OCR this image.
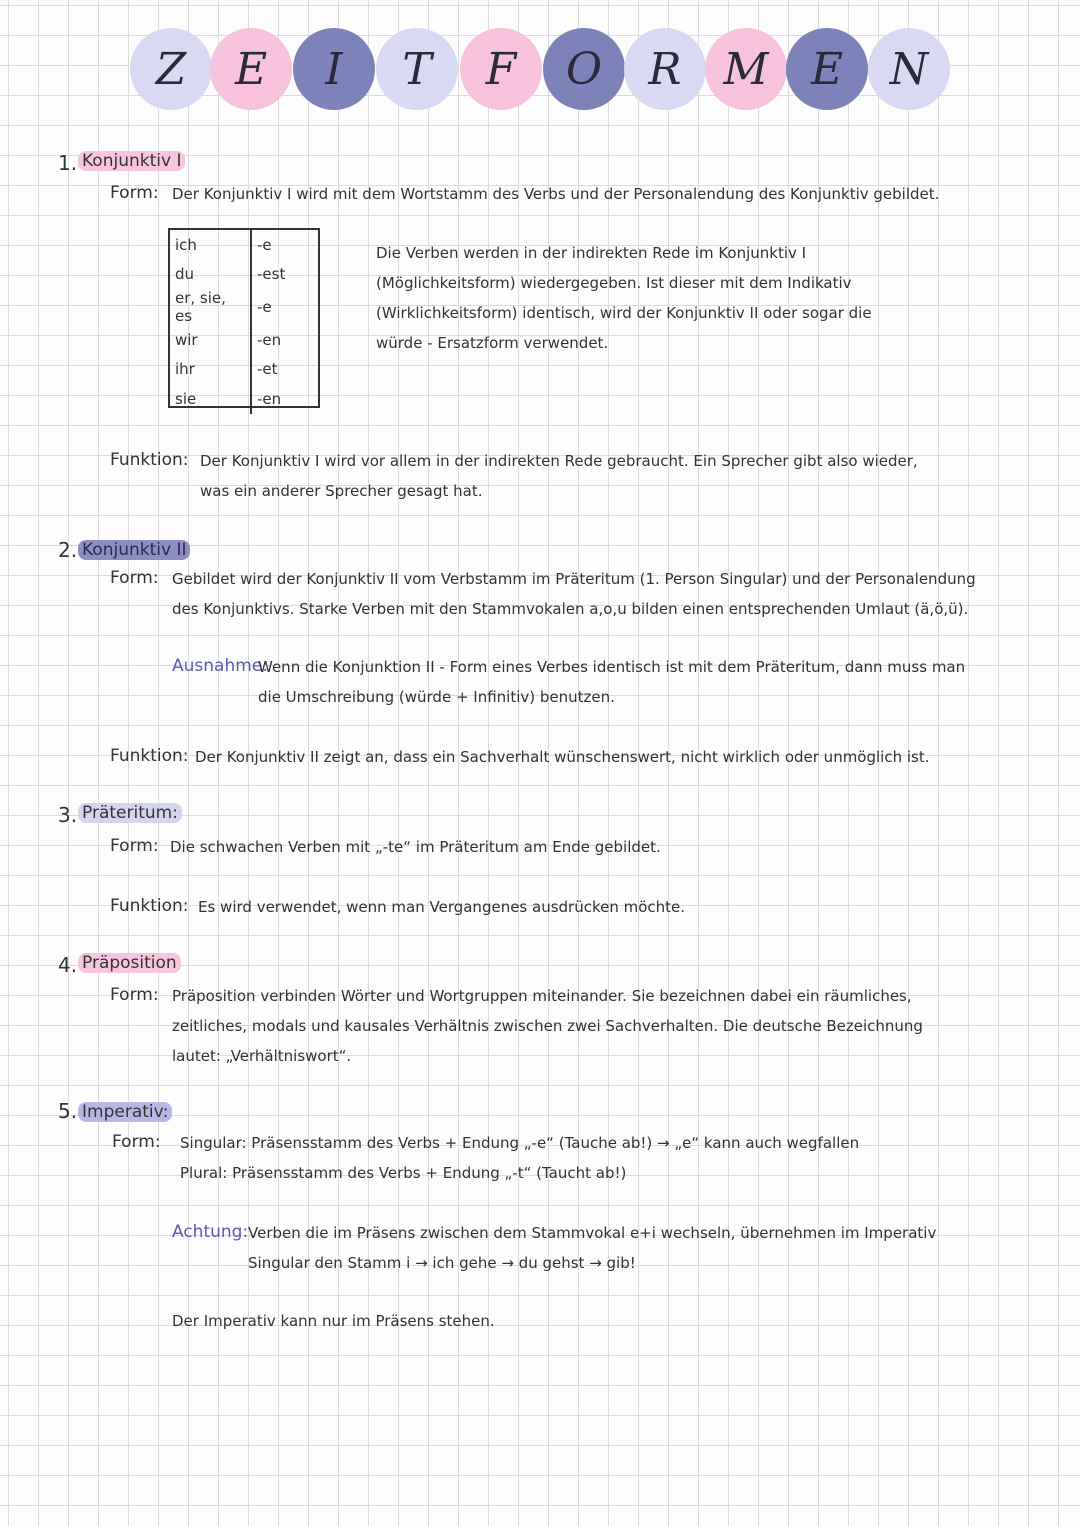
Z	E	I	T	F	O	R M E	N
1. Konjunktiv I
Form: Der Konjunktiv I wird mit dem Wortstamm des Verbs und der Personalendung des Konjunktiv gebildet.
ich	-e
du	-est
er, sie, es	-e
wir	-en
ihr	-et
sie	-en
Die Verben werden in der indirekten Rede im Konjunktiv I
(Möglichkeitsform) wiedergegeben. Ist dieser mit dem Indikativ
(Wirklichkeitsform) identisch, wird der Konjunktiv II oder sogar die
würde - Ersatzform verwendet.
Funktion: Der Konjunktiv I wird vor allem in der indirekten Rede gebraucht. Ein Sprecher gibt also wieder,
was ein anderer Sprecher gesagt hat.
2. Konjunktiv II
Form: Gebildet wird der Konjunktiv II vom Verbstamm im Präteritum (1. Person Singular) und der Personalendung
des Konjunktivs. Starke Verben mit den Stammvokalen a,o,u bilden einen entsprechenden Umlaut (ä,ö,ü).
Ausnahme:
Wenn die Konjunktion II - Form eines Verbes identisch ist mit dem Präteritum, dann muss man
die Umschreibung (würde + Infinitiv) benutzen.
Funktion: Der Konjunktiv II zeigt an, dass ein Sachverhalt wünschenswert, nicht wirklich oder unmöglich ist.
3. Präteritum:
Form: Die schwachen Verben mit „-te“ im Präteritum am Ende gebildet.
Funktion: Es wird verwendet, wenn man Vergangenes ausdrücken möchte.
4. Präposition
Form: Präposition verbinden Wörter und Wortgruppen miteinander. Sie bezeichnen dabei ein räumliches,
zeitliches, modals und kausales Verhältnis zwischen zwei Sachverhalten. Die deutsche Bezeichnung
lautet: „Verhältniswort“.
5. Imperativ:
Form: Singular: Präsensstamm des Verbs + Endung „-e“ (Tauche ab!) → „e“ kann auch wegfallen
Plural: Präsensstamm des Verbs + Endung „-t“ (Taucht ab!)
Achtung: Verben die im Präsens zwischen dem Stammvokal e+i wechseln, übernehmen im Imperativ
Singular den Stamm i → ich gehe → du gehst → gib!
Der Imperativ kann nur im Präsens stehen.
